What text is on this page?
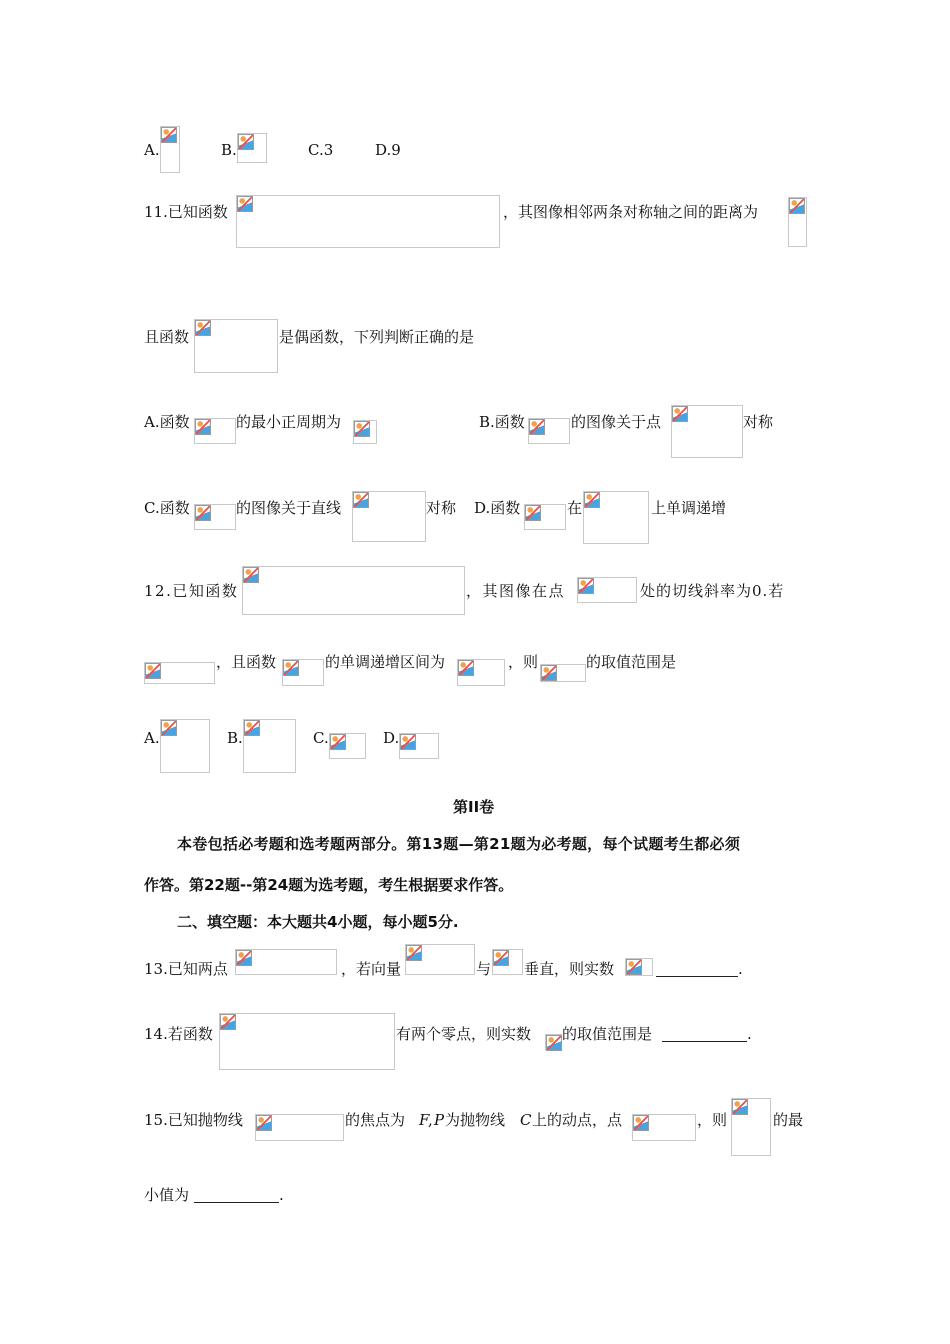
A.	B.	C.3	D.9
11.已知函数	，其图像相邻两条对称轴之间的距离为
且函数	是偶函数，下列判断正确的是
A.函数	的最小正周期为	B.函数	的图像关于点	对称
C.函数	的图像关于直线	对称 D.函数	在	上单调递增
12.已知函数	，其图像在点	处的切线斜率为0.若
，且函数	的单调递增区间为	，则	的取值范围是
A.	B.	C.	D.
第II卷
本卷包括必考题和选考题两部分。第13题—第21题为必考题，每个试题考生都必须
作答。第22题--第24题为选考题，考生根据要求作答。
二、填空题：本大题共4小题，每小题5分.
13.已知两点	，若向量	与 垂直，则实数	.
14.若函数	有两个零点，则实数 的取值范围是	.
15.已知抛物线	的焦点为 F
, P 为抛物线 C 上的动点，点	，则	的最
小值为	.
